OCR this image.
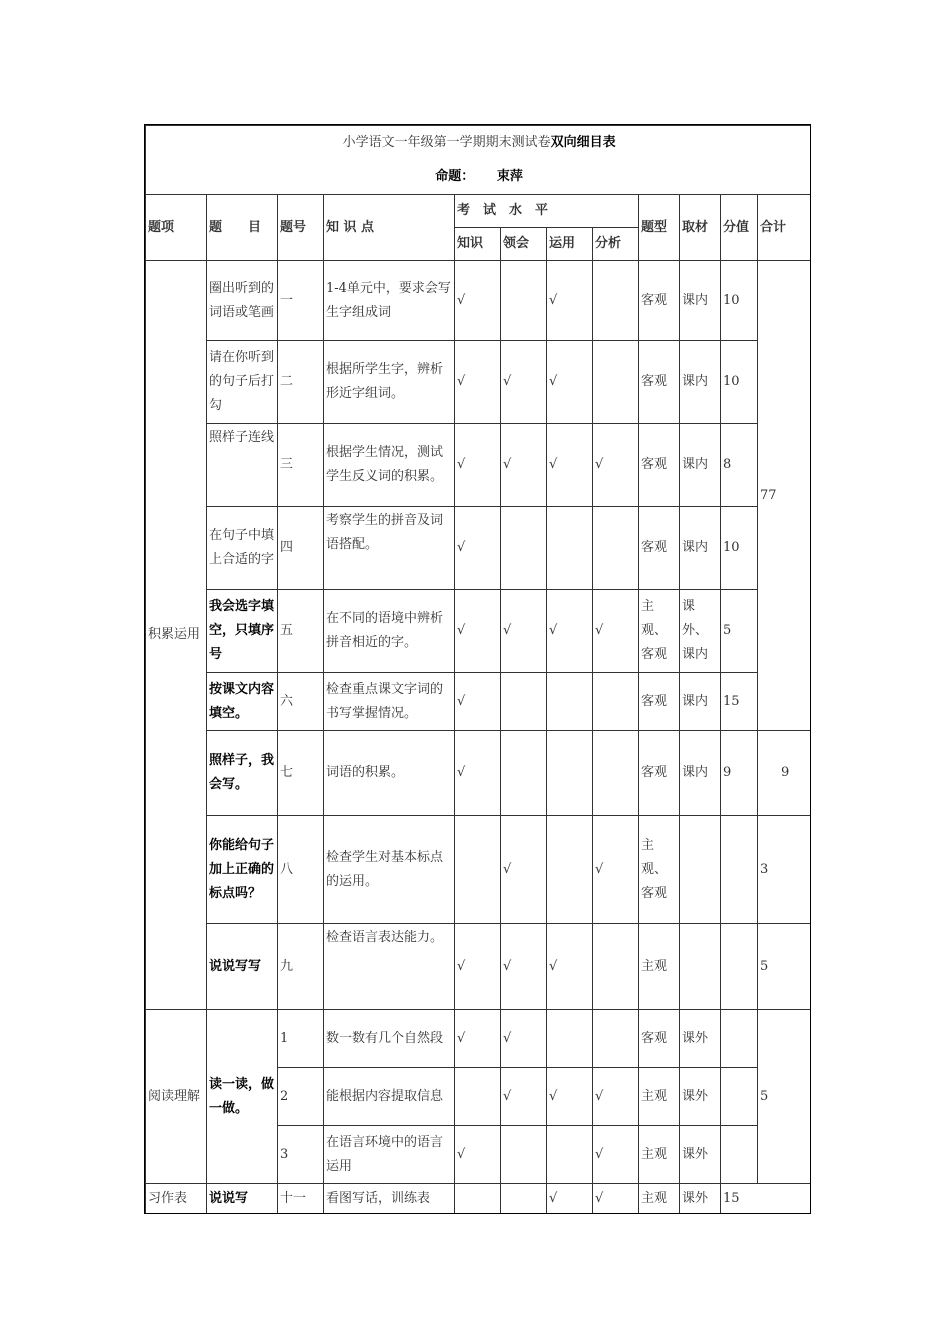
小学语文一年级第一学期期末测试卷双向细目表											
命题： 束萍											
题项	题　　目	题号	知 识 点	考　试　水　平				题型	取材	分值	合计
				知识	领会	运用	分析				
积累运用	圈出听到的词语或笔画	一	1-4单元中，要求会写生字组成词	√		√		客观	课内	10	77
	请在你听到的句子后打勾	二	根据所学生字，辨析形近字组词。	√	√	√		客观	课内	10	
	照样子连线	三	根据学生情况，测试学生反义词的积累。	√	√	√	√	客观	课内	8	
	在句子中填上合适的字	四	考察学生的拼音及词语搭配。	√				客观	课内	10	
	我会选字填空，只填序号	五	在不同的语境中辨析拼音相近的字。	√	√	√	√	主观、客观	课外、课内	5	
	按课文内容填空。	六	检查重点课文字词的书写掌握情况。	√				客观	课内	15	
	照样子，我会写。	七	词语的积累。	√				客观	课内	9	9
	你能给句子加上正确的标点吗？	八	检查学生对基本标点的运用。		√		√	主观、客观			3
	说说写写	九	检查语言表达能力。	√	√	√		主观			5
阅读理解	读一读，做一做。	1	数一数有几个自然段	√	√			客观	课外		5
		2	能根据内容提取信息		√	√	√	主观	课外		
		3	在语言环境中的语言运用	√			√	主观	课外		
习作表	说说写	十一	看图写话，训练表			√	√	主观	课外	15	
